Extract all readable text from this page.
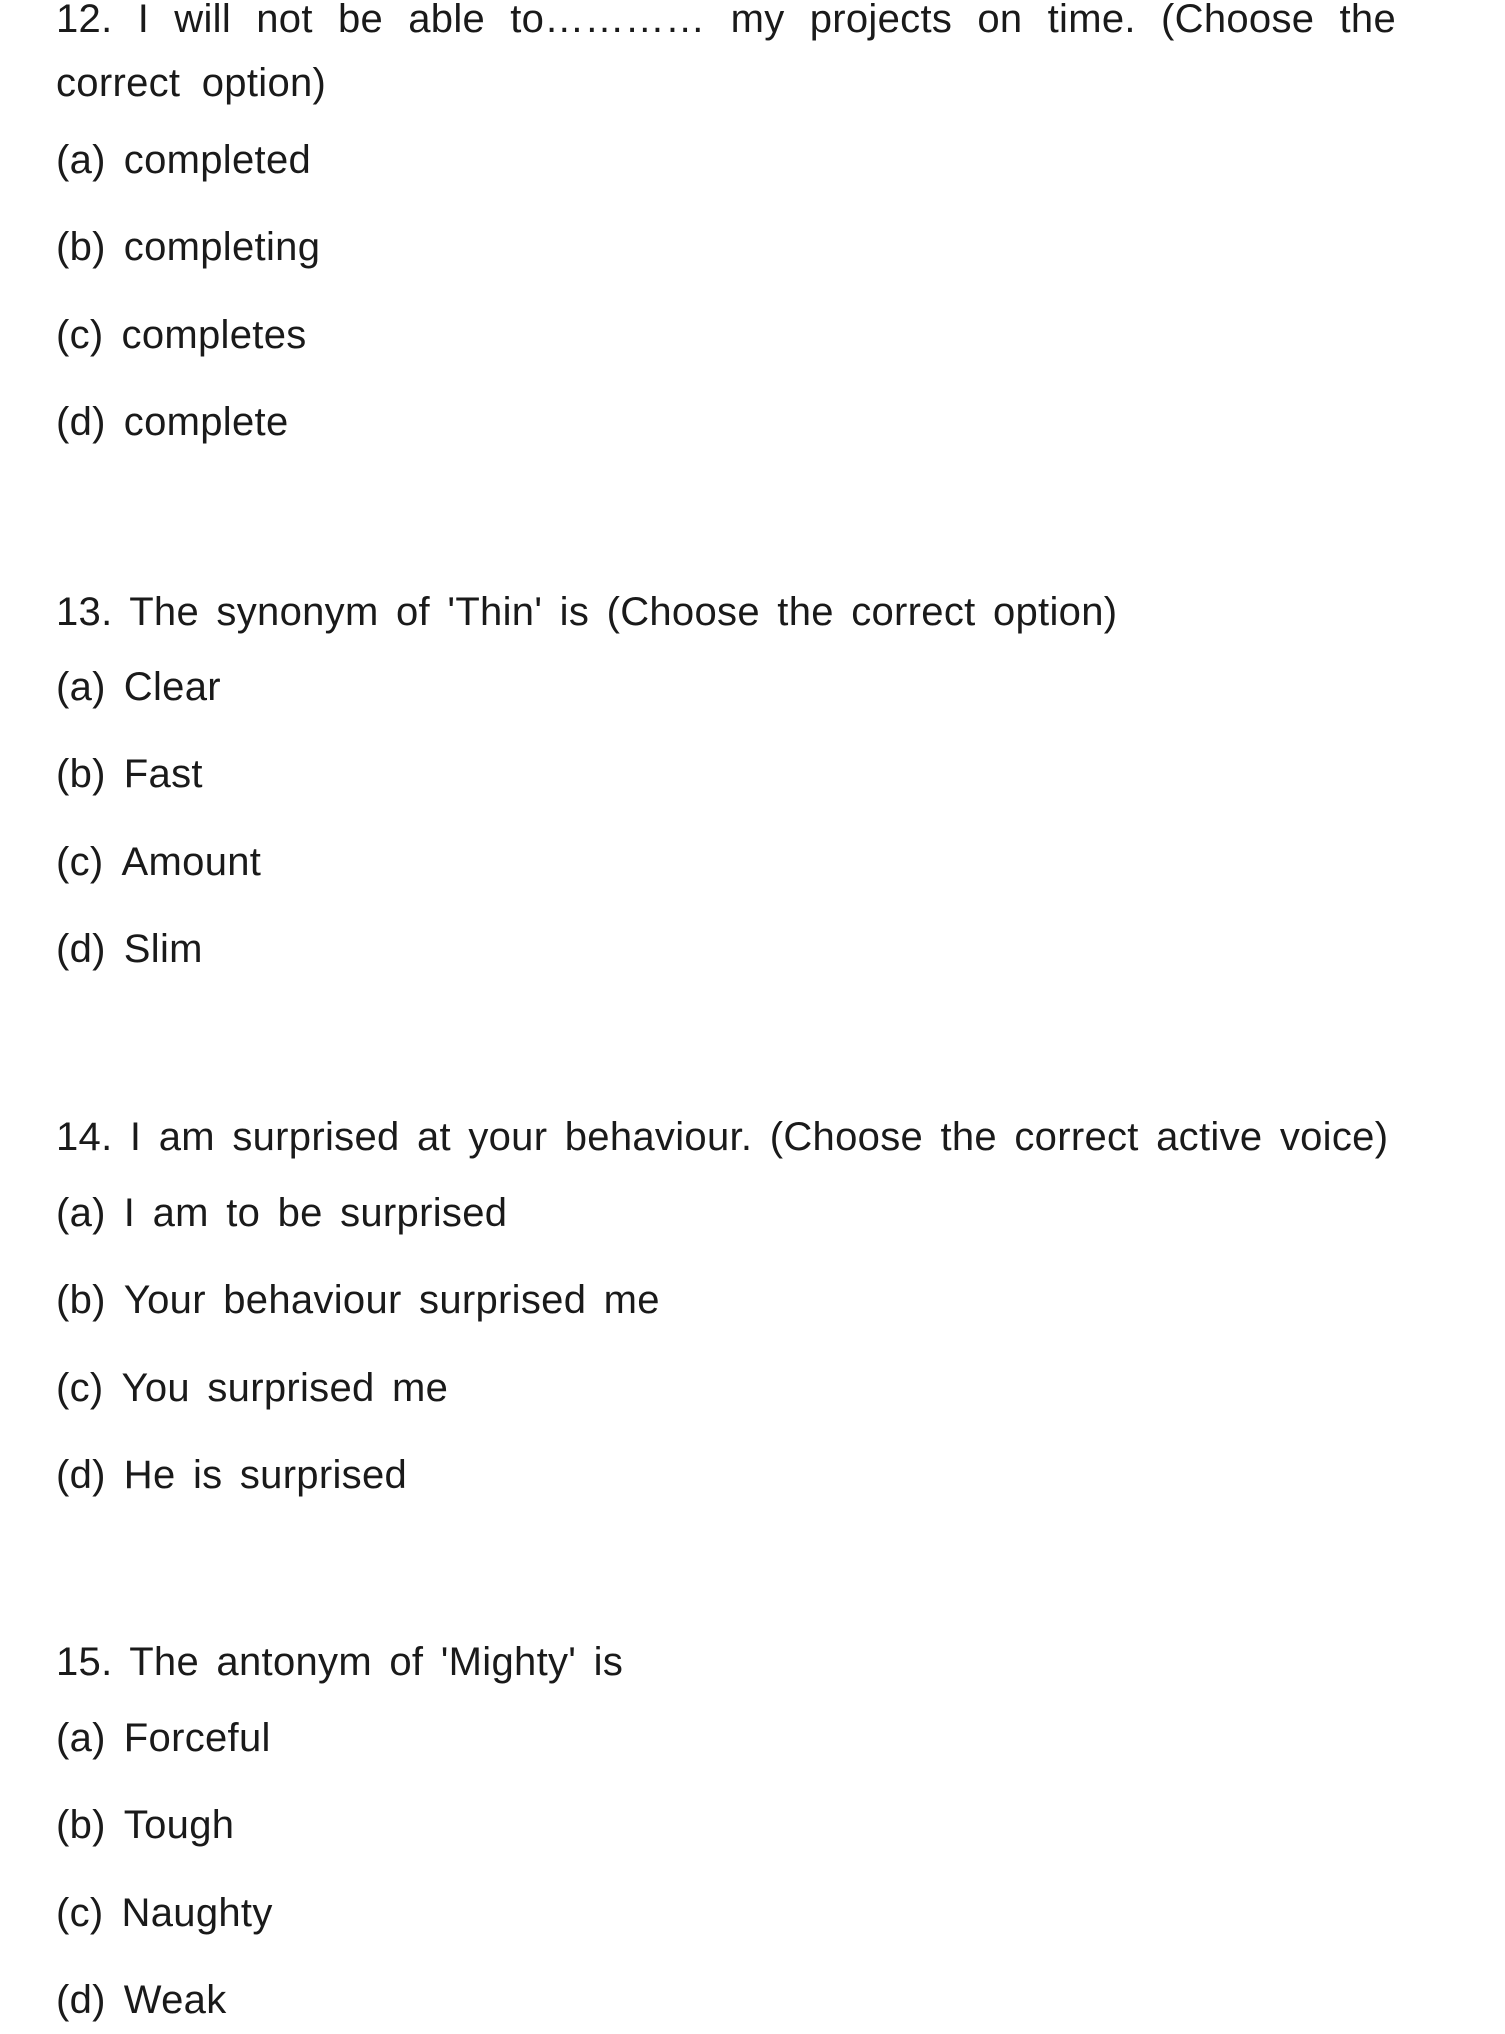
12. I will not be able to………… my projects on time. (Choose the correct option)

(a) completed
(b) completing
(c) completes
(d) complete

13. The synonym of 'Thin' is (Choose the correct option)

(a) Clear
(b) Fast
(c) Amount
(d) Slim

14. I am surprised at your behaviour. (Choose the correct active voice)

(a) I am to be surprised
(b) Your behaviour surprised me
(c) You surprised me
(d) He is surprised

15. The antonym of 'Mighty' is

(a) Forceful
(b) Tough
(c) Naughty
(d) Weak
